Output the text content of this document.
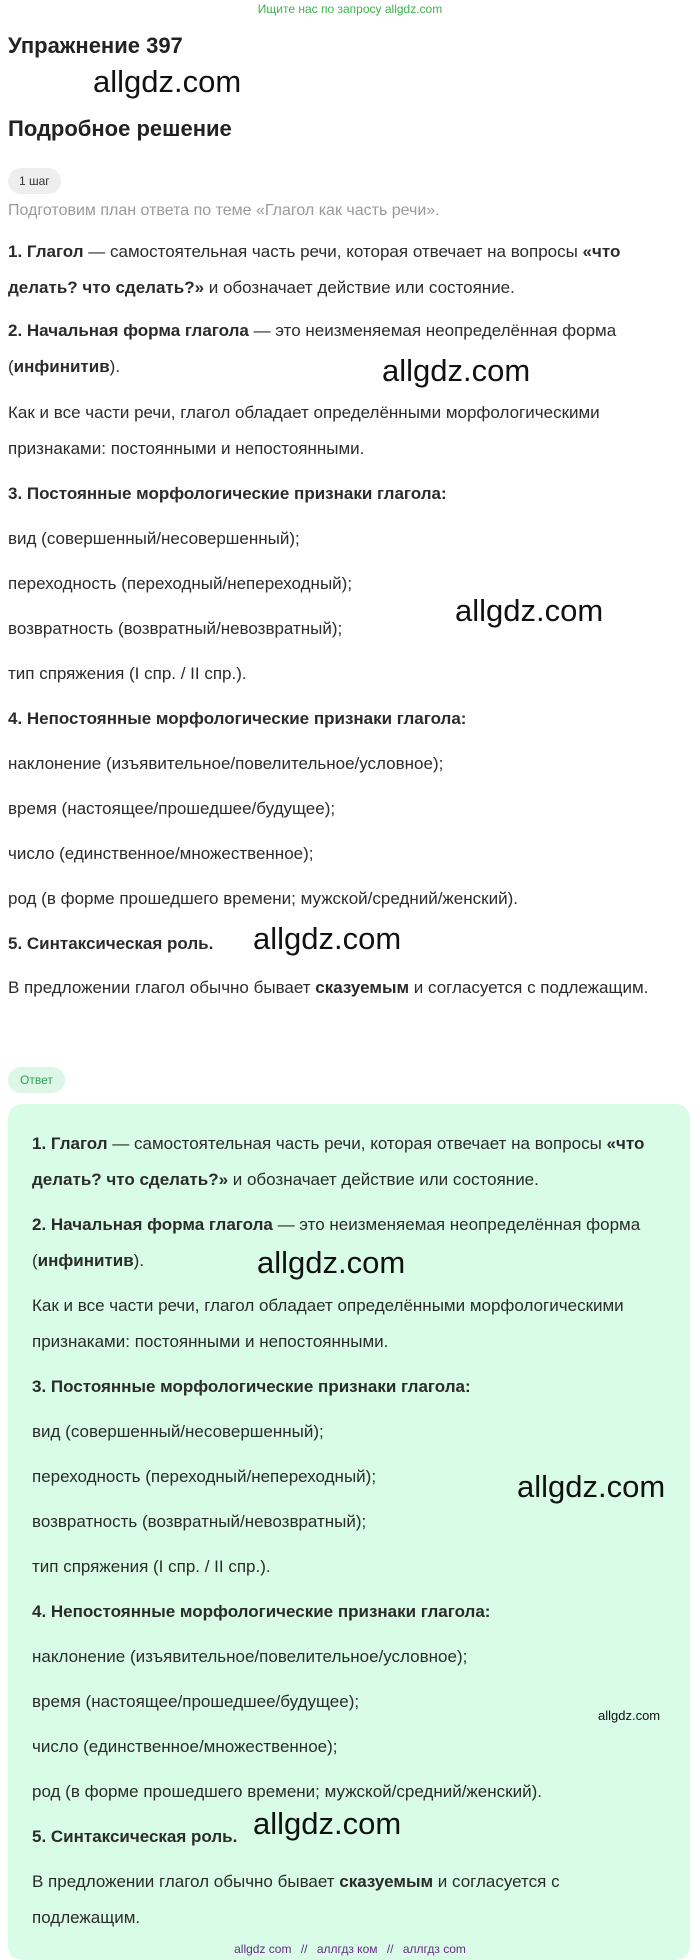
Ищите нас по запросу allgdz.com
Упражнение 397
Подробное решение
1 шаг
Подготовим план ответа по теме «Глагол как часть речи».

1. Глагол — самостоятельная часть речи, которая отвечает на вопросы «что делать? что сделать?» и обозначает действие или состояние.

2. Начальная форма глагола — это неизменяемая неопределённая форма (инфинитив).

Как и все части речи, глагол обладает определёнными морфологическими признаками: постоянными и непостоянными.

3. Постоянные морфологические признаки глагола:

вид (совершенный/несовершенный);

переходность (переходный/непереходный);

возвратность (возвратный/невозвратный);

тип спряжения (I спр. / II спр.).

4. Непостоянные морфологические признаки глагола:

наклонение (изъявительное/повелительное/условное);

время (настоящее/прошедшее/будущее);

число (единственное/множественное);

род (в форме прошедшего времени; мужской/средний/женский).

5. Синтаксическая роль.

В предложении глагол обычно бывает сказуемым и согласуется с подлежащим.

Ответ

1. Глагол — самостоятельная часть речи, которая отвечает на вопросы «что делать? что сделать?» и обозначает действие или состояние.

2. Начальная форма глагола — это неизменяемая неопределённая форма (инфинитив).

Как и все части речи, глагол обладает определёнными морфологическими признаками: постоянными и непостоянными.

3. Постоянные морфологические признаки глагола:

вид (совершенный/несовершенный);

переходность (переходный/непереходный);

возвратность (возвратный/невозвратный);

тип спряжения (I спр. / II спр.).

4. Непостоянные морфологические признаки глагола:

наклонение (изъявительное/повелительное/условное);

время (настоящее/прошедшее/будущее);

число (единственное/множественное);

род (в форме прошедшего времени; мужской/средний/женский).

5. Синтаксическая роль.

В предложении глагол обычно бывает сказуемым и согласуется с подлежащим.

allgdz.com
allgdz.com
allgdz.com
allgdz.com
allgdz.com
allgdz.com
allgdz.com
allgdz.com
allgdz com // аллгдз ком // аллгдз com
